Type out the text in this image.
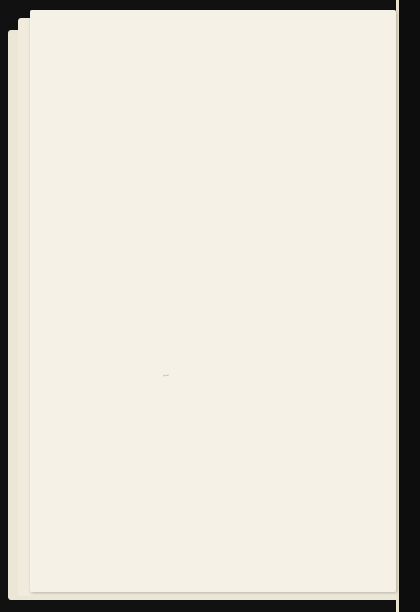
↩
